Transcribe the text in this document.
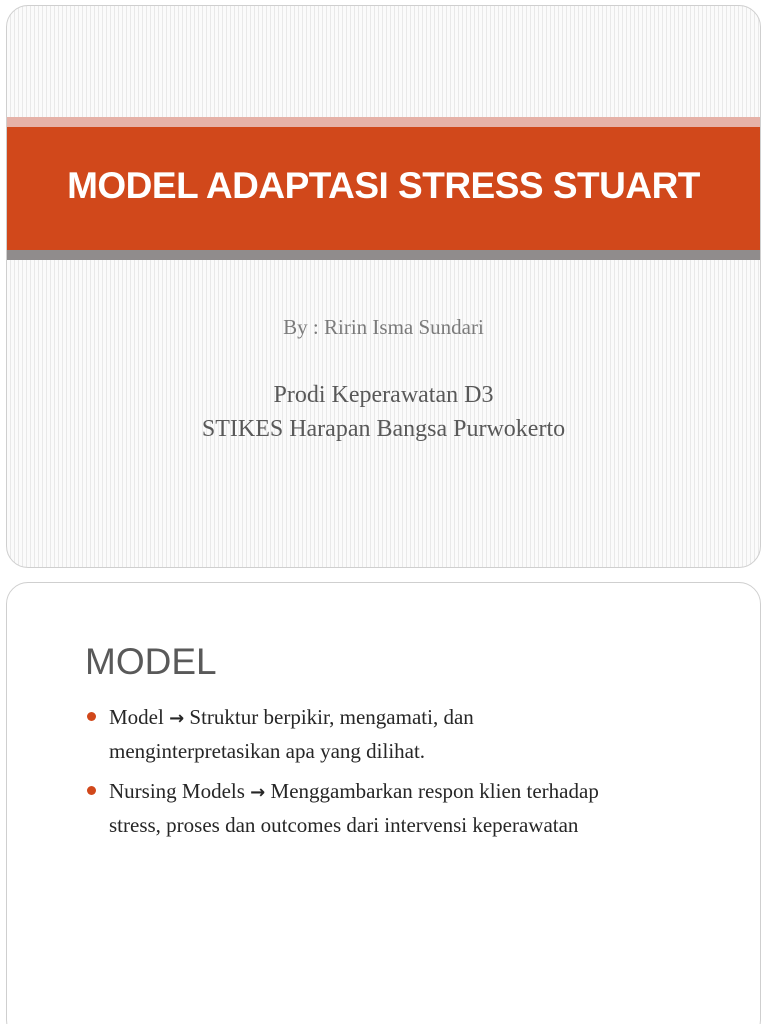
MODEL ADAPTASI STRESS STUART
By : Ririn Isma Sundari
Prodi Keperawatan D3
STIKES Harapan Bangsa Purwokerto
MODEL
Model → Struktur berpikir, mengamati, dan
menginterpretasikan apa yang dilihat.
Nursing Models → Menggambarkan respon klien terhadap
stress, proses dan outcomes dari intervensi keperawatan
